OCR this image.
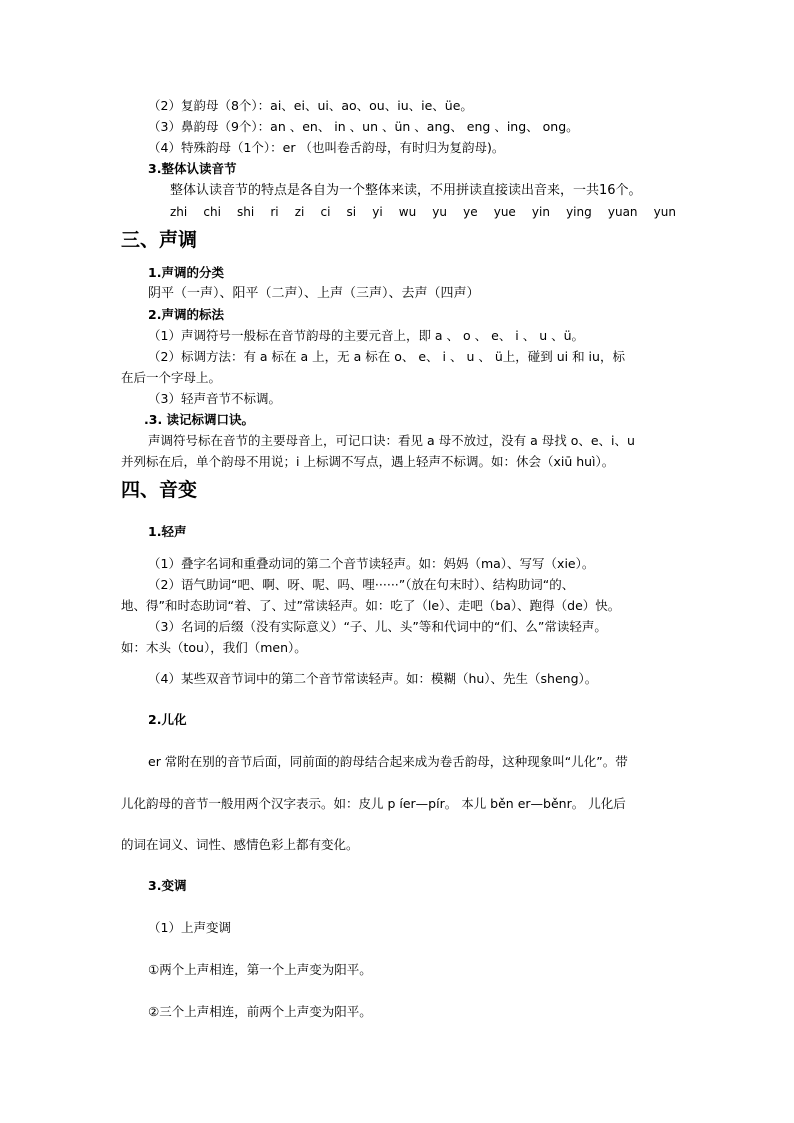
（2）复韵母（8个）：ai、ei、ui、ao、ou、iu、ie、üe。
（3）鼻韵母（9个）：an 、en、 in 、un 、ün 、ang、 eng 、ing、 ong。
（4）特殊韵母（1个）：er （也叫卷舌韵母，有时归为复韵母)。
3.整体认读音节
整体认读音节的特点是各自为一个整体来读，不用拼读直接读出音来，一共16个。
zhi chi shi ri zi ci si yi wu yu ye yue yin ying yuan yun
三、声调
1.声调的分类
阴平（一声）、阳平（二声）、上声（三声）、去声（四声）
2.声调的标法
（1）声调符号一般标在音节韵母的主要元音上，即 a 、 o 、 e、 i 、 u 、ü。
（2）标调方法：有 a 标在 a 上，无 a 标在 o、 e、 i 、 u 、 ü上，碰到 ui 和 iu，标
在后一个字母上。
（3）轻声音节不标调。
.3. 读记标调口诀。
声调符号标在音节的主要母音上，可记口诀：看见 a 母不放过，没有 a 母找 o、e、i、u
并列标在后，单个韵母不用说；i 上标调不写点，遇上轻声不标调。如：休会（xiū huì）。
四、音变
1.轻声
（1）叠字名词和重叠动词的第二个音节读轻声。如：妈妈（ma）、写写（xie）。
（2）语气助词“吧、啊、呀、呢、吗、哩······”（放在句末时）、结构助词“的、
地、得”和时态助词“着、了、过”常读轻声。如：吃了（le）、走吧（ba）、跑得（de）快。
（3）名词的后缀（没有实际意义）“子、儿、头”等和代词中的“们、么”常读轻声。
如：木头（tou），我们（men）。
（4）某些双音节词中的第二个音节常读轻声。如：模糊（hu）、先生（sheng）。
2.儿化
er 常附在别的音节后面，同前面的韵母结合起来成为卷舌韵母，这种现象叫“儿化”。带
儿化韵母的音节一般用两个汉字表示。如：皮儿 p íer—pír。 本儿 běn er—běnr。 儿化后
的词在词义、词性、感情色彩上都有变化。
3.变调
（1）上声变调
①两个上声相连，第一个上声变为阳平。
②三个上声相连，前两个上声变为阳平。
